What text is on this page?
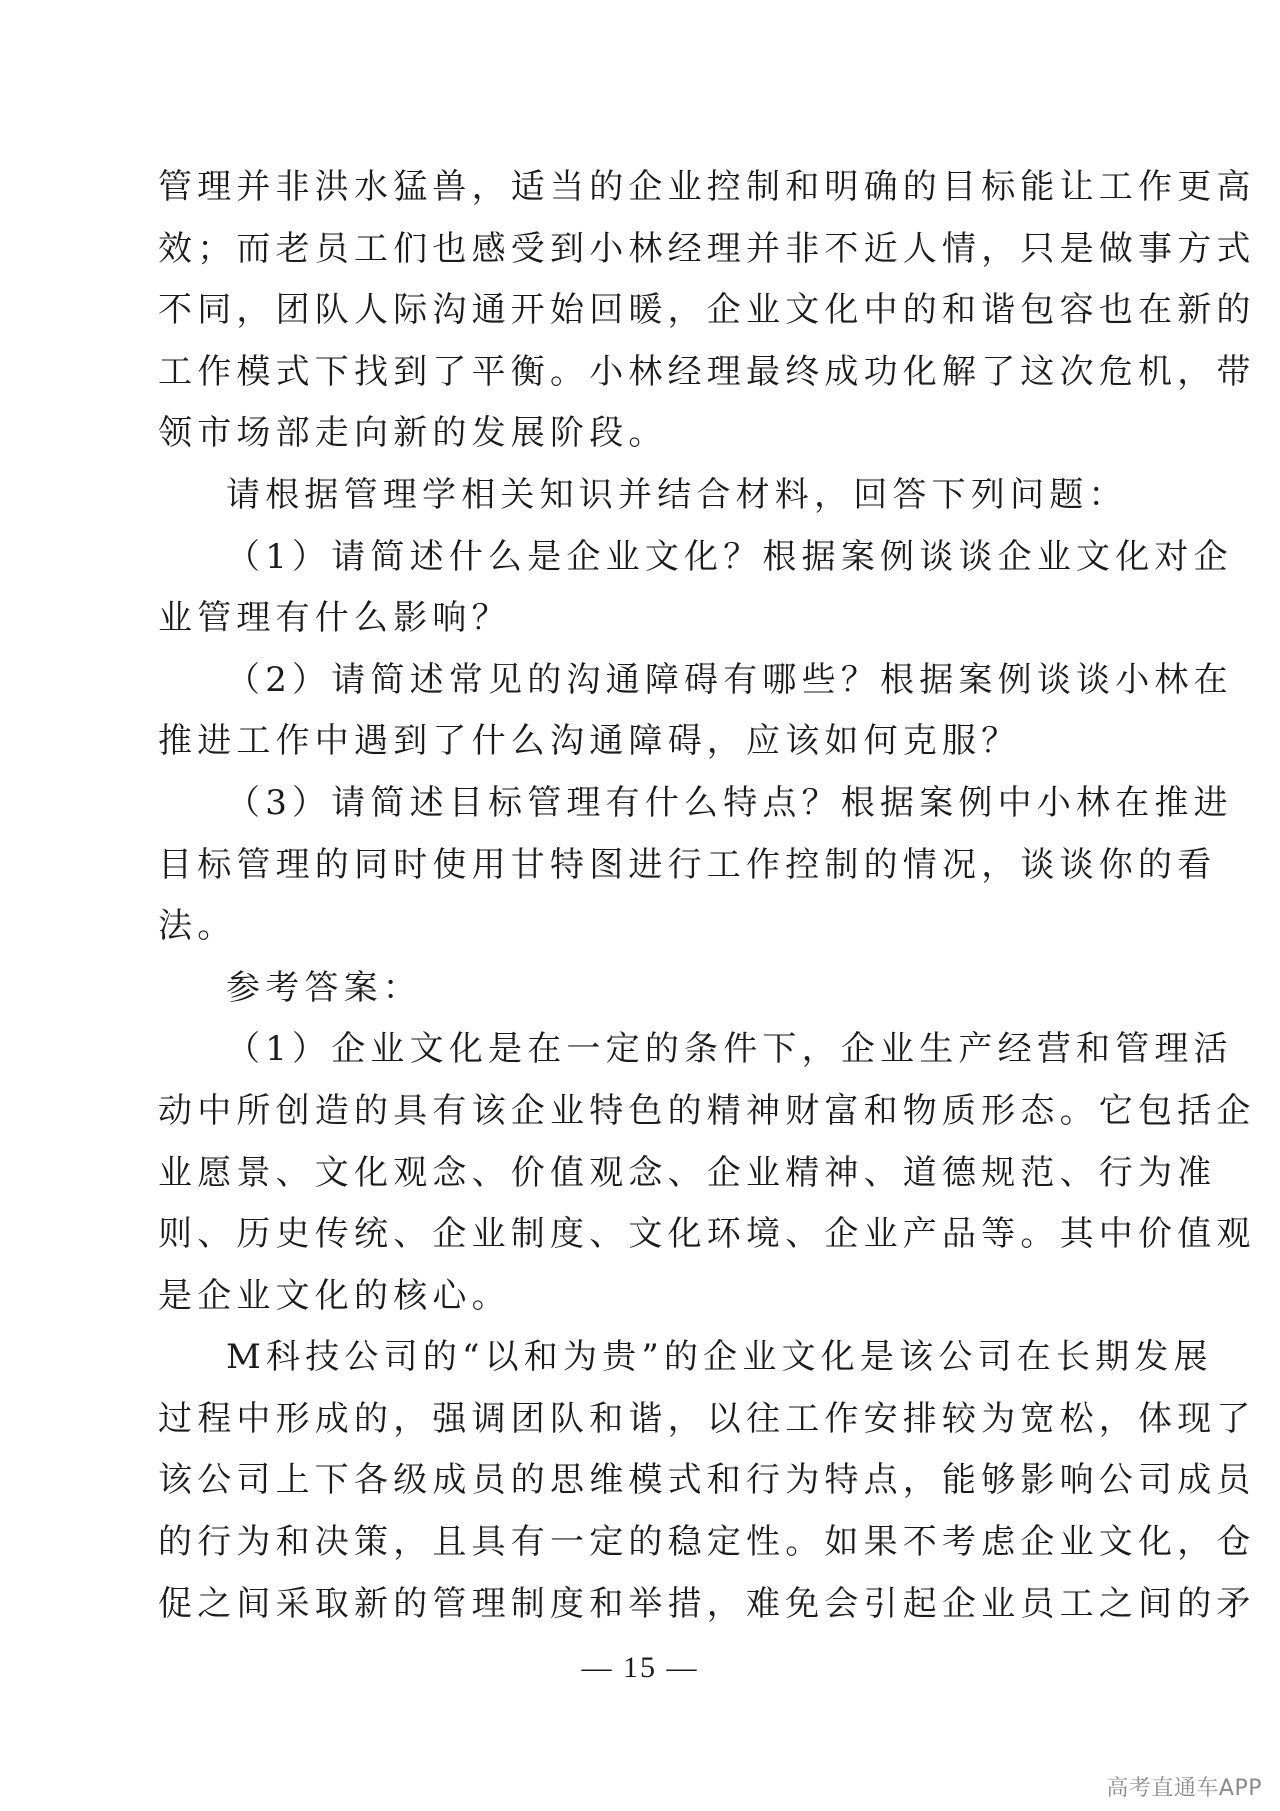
管理并非洪水猛兽，适当的企业控制和明确的目标能让工作更高
效；而老员工们也感受到小林经理并非不近人情，只是做事方式
不同，团队人际沟通开始回暖，企业文化中的和谐包容也在新的
工作模式下找到了平衡。小林经理最终成功化解了这次危机，带
领市场部走向新的发展阶段。
请根据管理学相关知识并结合材料，回答下列问题：
（1）请简述什么是企业文化？根据案例谈谈企业文化对企
业管理有什么影响？
（2）请简述常见的沟通障碍有哪些？根据案例谈谈小林在
推进工作中遇到了什么沟通障碍，应该如何克服？
（3）请简述目标管理有什么特点？根据案例中小林在推进
目标管理的同时使用甘特图进行工作控制的情况，谈谈你的看
法。
参考答案：
（1）企业文化是在一定的条件下，企业生产经营和管理活
动中所创造的具有该企业特色的精神财富和物质形态。它包括企
业愿景、文化观念、价值观念、企业精神、道德规范、行为准
则、历史传统、企业制度、文化环境、企业产品等。其中价值观
是企业文化的核心。
M科技公司的“以和为贵”的企业文化是该公司在长期发展
过程中形成的，强调团队和谐，以往工作安排较为宽松，体现了
该公司上下各级成员的思维模式和行为特点，能够影响公司成员
的行为和决策，且具有一定的稳定性。如果不考虑企业文化，仓
促之间采取新的管理制度和举措，难免会引起企业员工之间的矛
— 15 —
高考直通车APP
